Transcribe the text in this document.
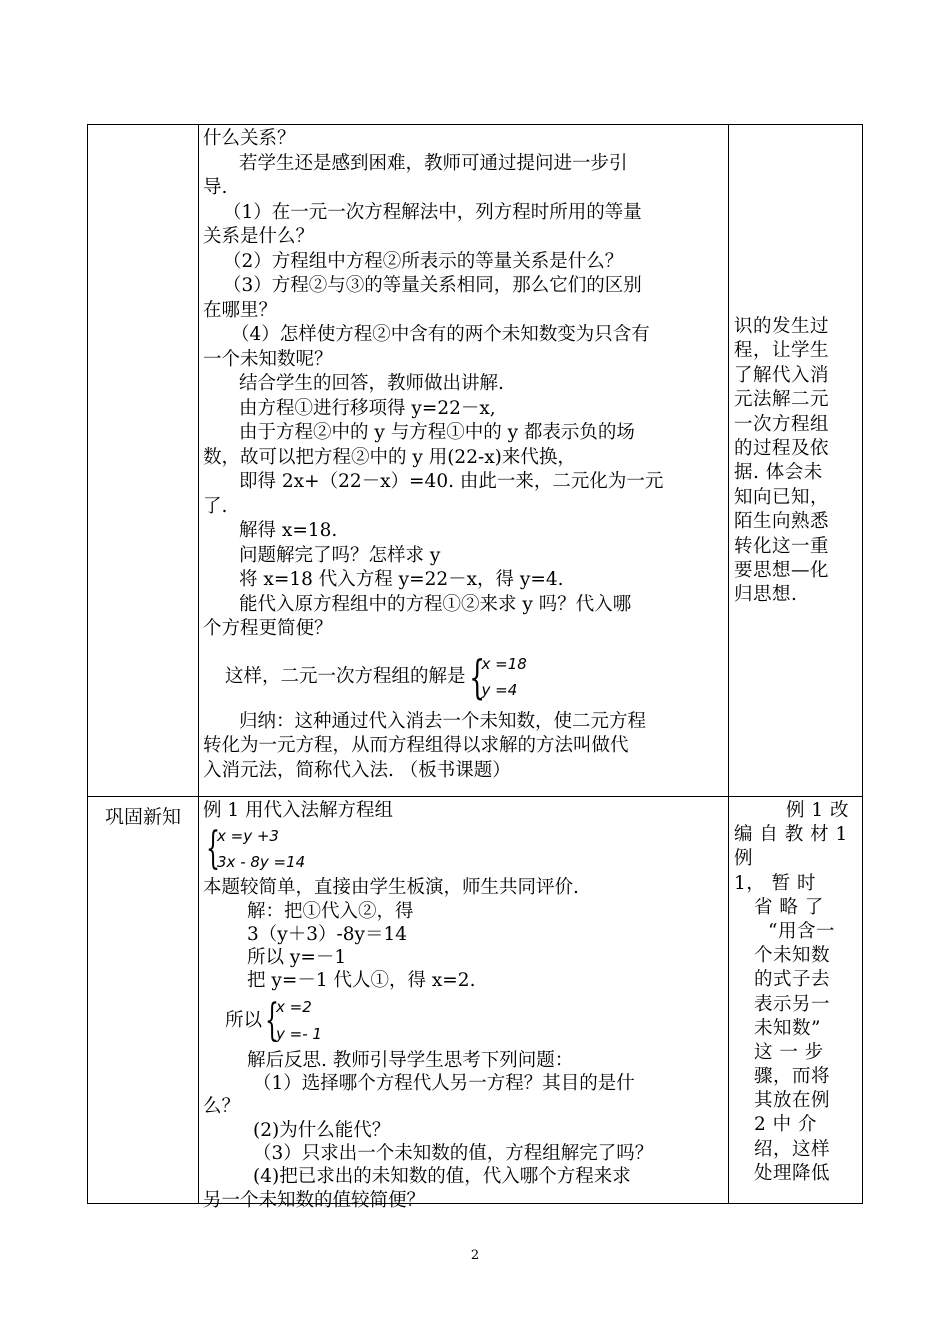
什么关系？
若学生还是感到困难，教师可通过提问进一步引
导.
（1）在一元一次方程解法中，列方程时所用的等量
关系是什么？
（2）方程组中方程②所表示的等量关系是什么？
（3）方程②与③的等量关系相同，那么它们的区别
在哪里？
（4）怎样使方程②中含有的两个未知数变为只含有
一个未知数呢？
结合学生的回答，教师做出讲解.
由方程①进行移项得 y=22－x,
由于方程②中的 y 与方程①中的 y 都表示负的场
数，故可以把方程②中的 y 用(22-x)来代换，
即得 2x+（22－x）=40. 由此一来，二元化为一元
了.
解得 x=18.
问题解完了吗？怎样求 y
将 x=18 代入方程 y=22－x，得 y=4.
能代入原方程组中的方程①②来求 y 吗？代入哪
个方程更简便？
这样，二元一次方程组的解是 {
x =18
y =4
归纳：这种通过代入消去一个未知数，使二元方程
转化为一元方程，从而方程组得以求解的方法叫做代
入消元法，简称代入法. （板书课题）
识的发生过
程，让学生
了解代入消
元法解二元
一次方程组
的过程及依
据. 体会未
知向已知，
陌生向熟悉
转化这一重
要思想—化
归思想.
巩固新知	例 1 用代入法解方程组
{
x =y +3
3x - 8y =14
本题较简单，直接由学生板演，师生共同评价.
解：把①代入②，得
3（y＋3）-8y＝14
所以 y=－1
把 y=－1 代人①，得 x=2.
所以 {
x =2
y =- 1
解后反思. 教师引导学生思考下列问题：
（1）选择哪个方程代人另一方程？其目的是什
么？
(2)为什么能代？
（3）只求出一个未知数的值，方程组解完了吗？
(4)把已求出的未知数的值，代入哪个方程来求
另一个未知数的值较简便？
例 1 改
编 自 教 材 1
例
1， 暂 时
省 略 了
“用含一
个未知数
的式子去
表示另一
未知数”
这 一 步
骤，而将
其放在例
2 中 介
绍，这样
处理降低
2
